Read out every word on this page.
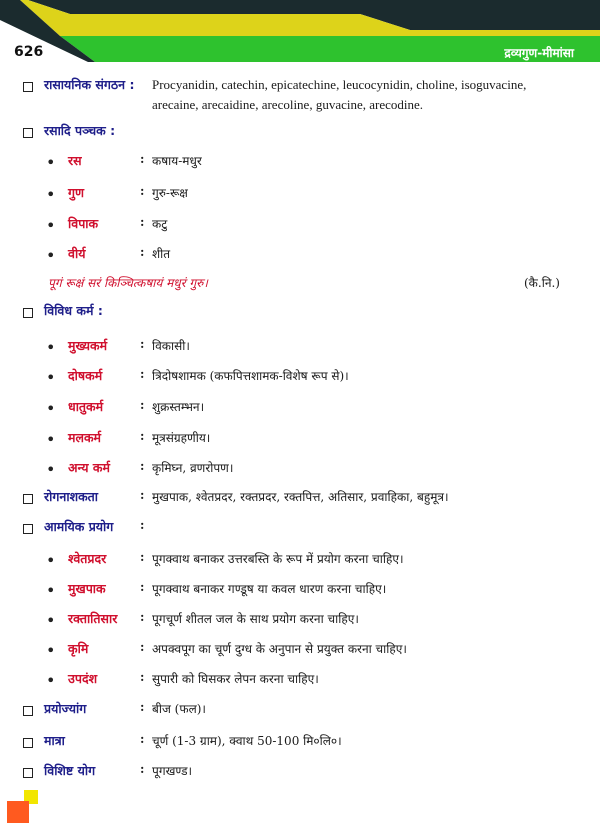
626	द्रव्यगुण-मीमांसा
रासायनिक संगठन : Procyanidin, catechin, epicatechine, leucocynidin, choline, isoguvacine,
arecaine, arecaidine, arecoline, guvacine, arecodine.
रसादि पञ्चक :
• रस	: कषाय-मधुर
• गुण	: गुरु-रूक्ष
• विपाक	: कटु
• वीर्य	: शीत
पूगं रूक्षं सरं किञ्चित्कषायं मधुरं गुरु।	(कै.नि.)
विविध कर्म :
• मुख्यकर्म	: विकासी।
• दोषकर्म	: त्रिदोषशामक (कफपित्तशामक-विशेष रूप से)।
• धातुकर्म	: शुक्रस्तम्भन।
• मलकर्म	: मूत्रसंग्रहणीय।
• अन्य कर्म	: कृमिघ्न, व्रणरोपण।
रोगनाशकता	: मुखपाक, श्वेतप्रदर, रक्तप्रदर, रक्तपित्त, अतिसार, प्रवाहिका, बहुमूत्र।
आमयिक प्रयोग :
• श्वेतप्रदर	: पूगक्वाथ बनाकर उत्तरबस्ति के रूप में प्रयोग करना चाहिए।
• मुखपाक	: पूगक्वाथ बनाकर गण्डूष या कवल धारण करना चाहिए।
• रक्तातिसार : पूगचूर्ण शीतल जल के साथ प्रयोग करना चाहिए।
• कृमि	: अपक्वपूग का चूर्ण दुग्ध के अनुपान से प्रयुक्त करना चाहिए।
• उपदंश	: सुपारी को घिसकर लेपन करना चाहिए।
प्रयोज्यांग	: बीज (फल)।
मात्रा	: चूर्ण (1-3 ग्राम), क्वाथ 50-100 मि०लि०।
विशिष्ट योग	: पूगखण्ड।
